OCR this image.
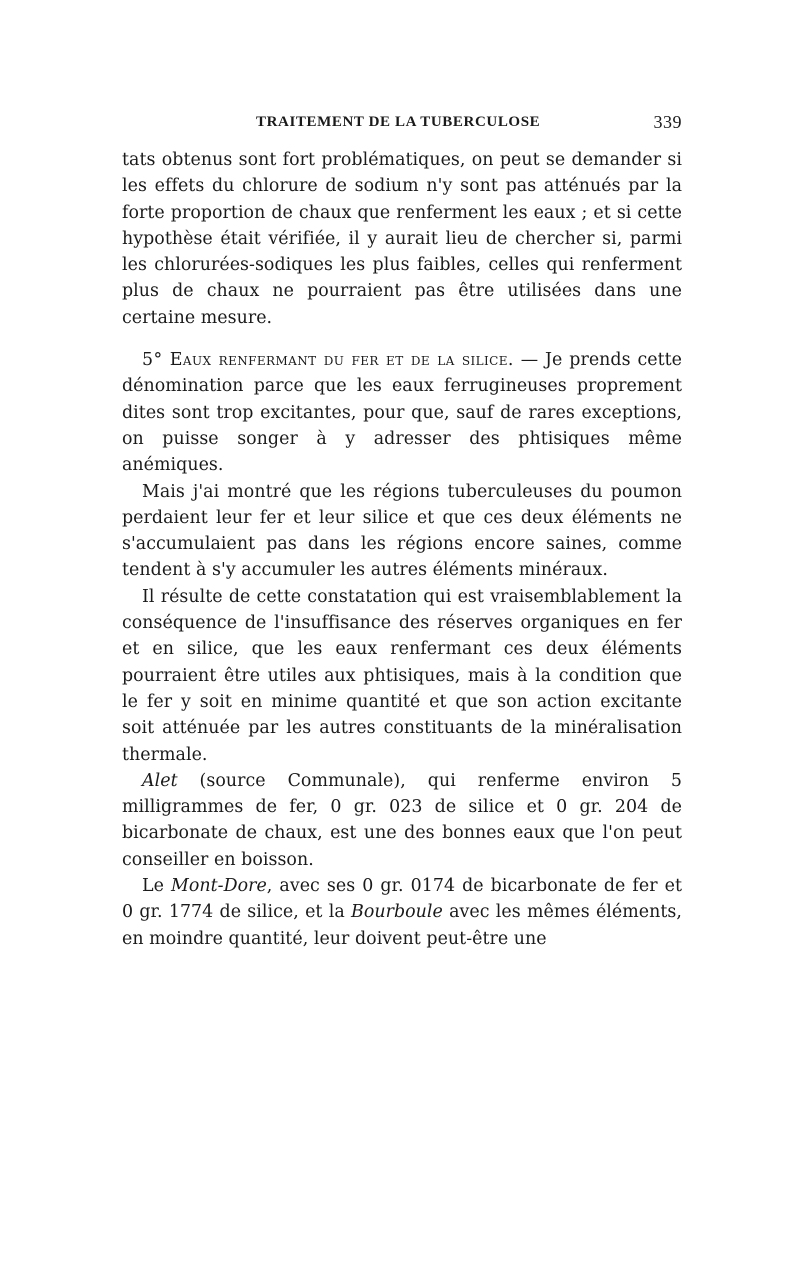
TRAITEMENT DE LA TUBERCULOSE	339

tats obtenus sont fort problématiques, on peut se demander si les effets du chlorure de sodium n'y sont pas atténués par la forte proportion de chaux que renferment les eaux ; et si cette hypothèse était vérifiée, il y aurait lieu de chercher si, parmi les chlorurées-sodiques les plus faibles, celles qui renferment plus de chaux ne pourraient pas être utilisées dans une certaine mesure.

5° Eaux renfermant du fer et de la silice. — Je prends cette dénomination parce que les eaux ferrugineuses proprement dites sont trop excitantes, pour que, sauf de rares exceptions, on puisse songer à y adresser des phtisiques même anémiques.

Mais j'ai montré que les régions tuberculeuses du poumon perdaient leur fer et leur silice et que ces deux éléments ne s'accumulaient pas dans les régions encore saines, comme tendent à s'y accumuler les autres éléments minéraux.

Il résulte de cette constatation qui est vraisemblablement la conséquence de l'insuffisance des réserves organiques en fer et en silice, que les eaux renfermant ces deux éléments pourraient être utiles aux phtisiques, mais à la condition que le fer y soit en minime quantité et que son action excitante soit atténuée par les autres constituants de la minéralisation thermale.

Alet (source Communale), qui renferme environ 5 milligrammes de fer, 0 gr. 023 de silice et 0 gr. 204 de bicarbonate de chaux, est une des bonnes eaux que l'on peut conseiller en boisson.

Le Mont-Dore, avec ses 0 gr. 0174 de bicarbonate de fer et 0 gr. 1774 de silice, et la Bourboule avec les mêmes éléments, en moindre quantité, leur doivent peut-être une
